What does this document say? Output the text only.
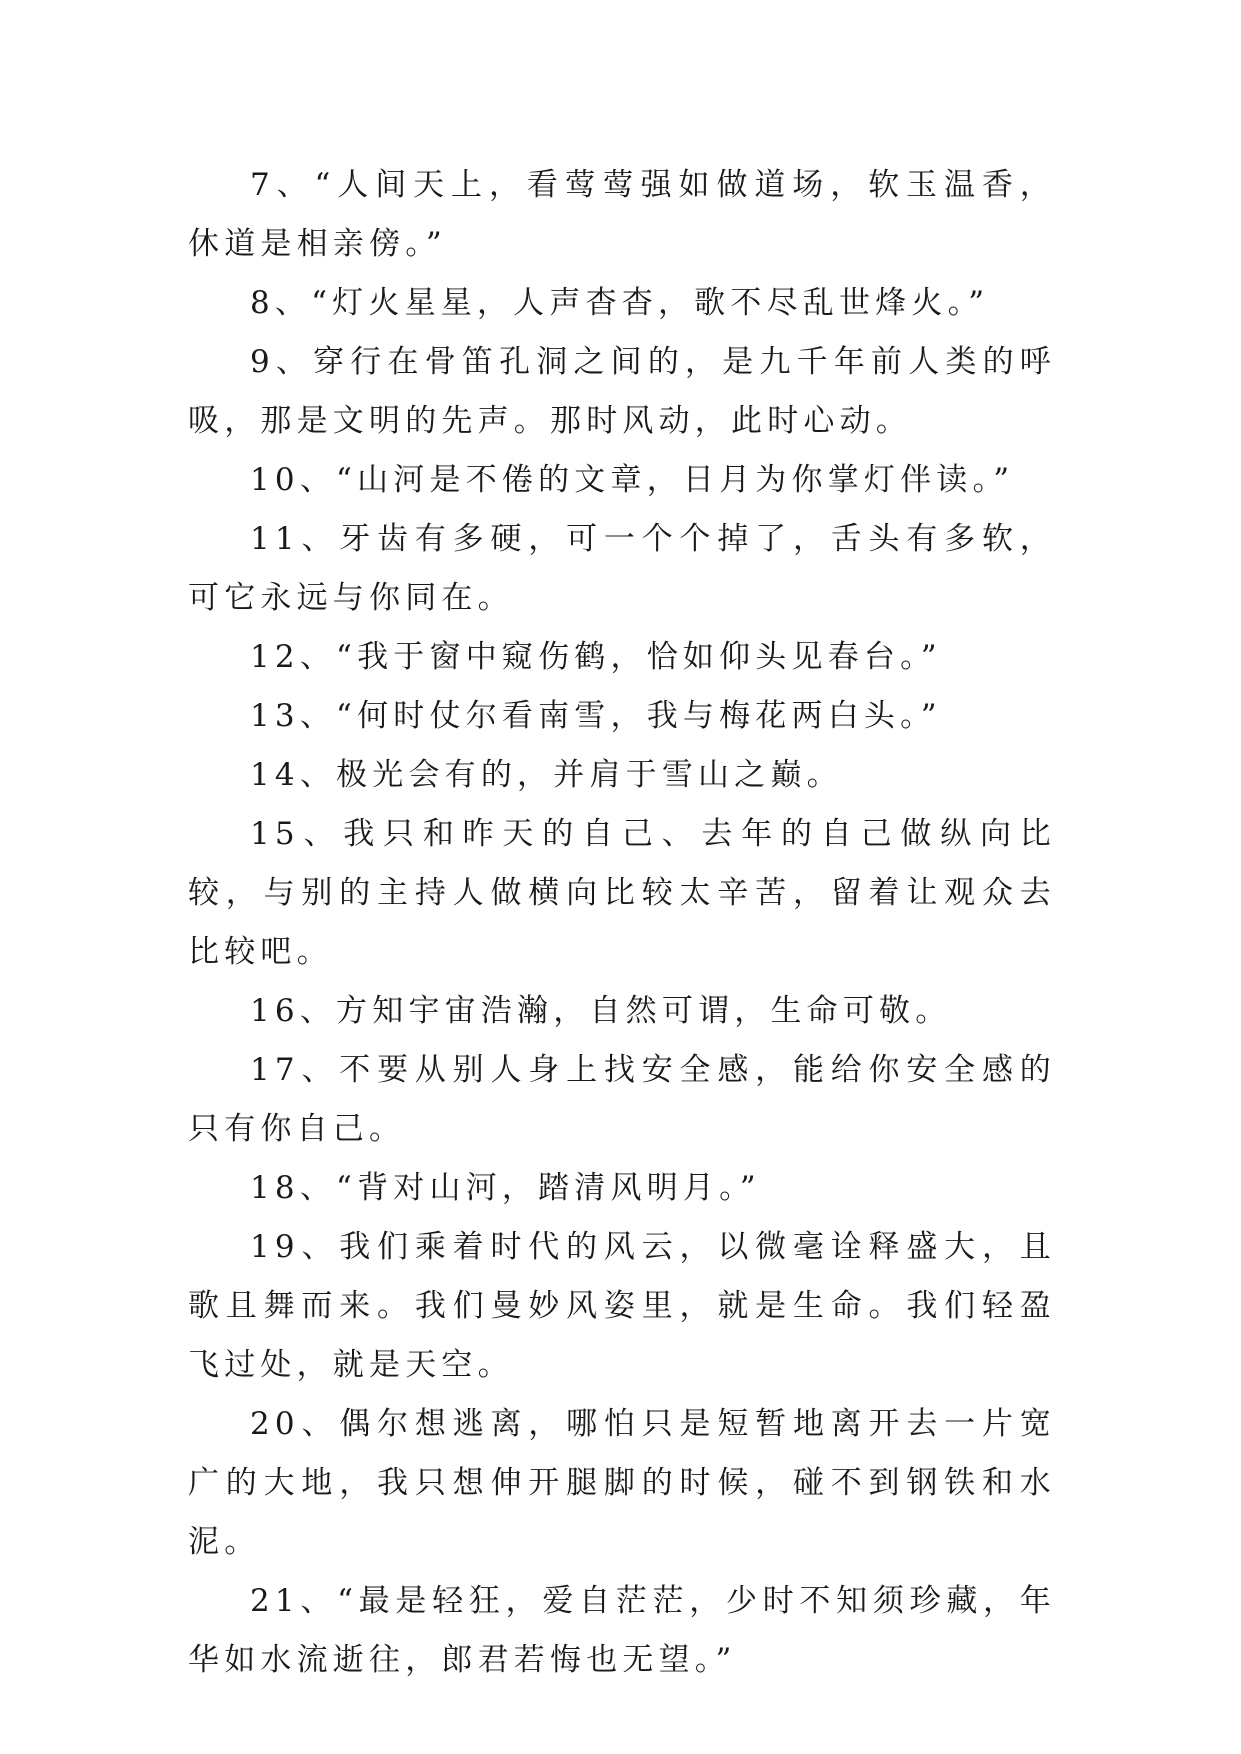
7、“人间天上，看莺莺强如做道场，软玉温香，休道是相亲傍。”

8、“灯火星星，人声杳杳，歌不尽乱世烽火。”

9、穿行在骨笛孔洞之间的，是九千年前人类的呼吸，那是文明的先声。那时风动，此时心动。

10、“山河是不倦的文章，日月为你掌灯伴读。”

11、牙齿有多硬，可一个个掉了，舌头有多软，可它永远与你同在。

12、“我于窗中窥伤鹤，恰如仰头见春台。”

13、“何时仗尔看南雪，我与梅花两白头。”

14、极光会有的，并肩于雪山之巅。

15、我只和昨天的自己、去年的自己做纵向比较，与别的主持人做横向比较太辛苦，留着让观众去比较吧。

16、方知宇宙浩瀚，自然可谓，生命可敬。

17、不要从别人身上找安全感，能给你安全感的只有你自己。

18、“背对山河，踏清风明月。”

19、我们乘着时代的风云，以微毫诠释盛大，且歌且舞而来。我们曼妙风姿里，就是生命。我们轻盈飞过处，就是天空。

20、偶尔想逃离，哪怕只是短暂地离开去一片宽广的大地，我只想伸开腿脚的时候，碰不到钢铁和水泥。

21、“最是轻狂，爱自茫茫，少时不知须珍藏，年华如水流逝往，郎君若悔也无望。”
